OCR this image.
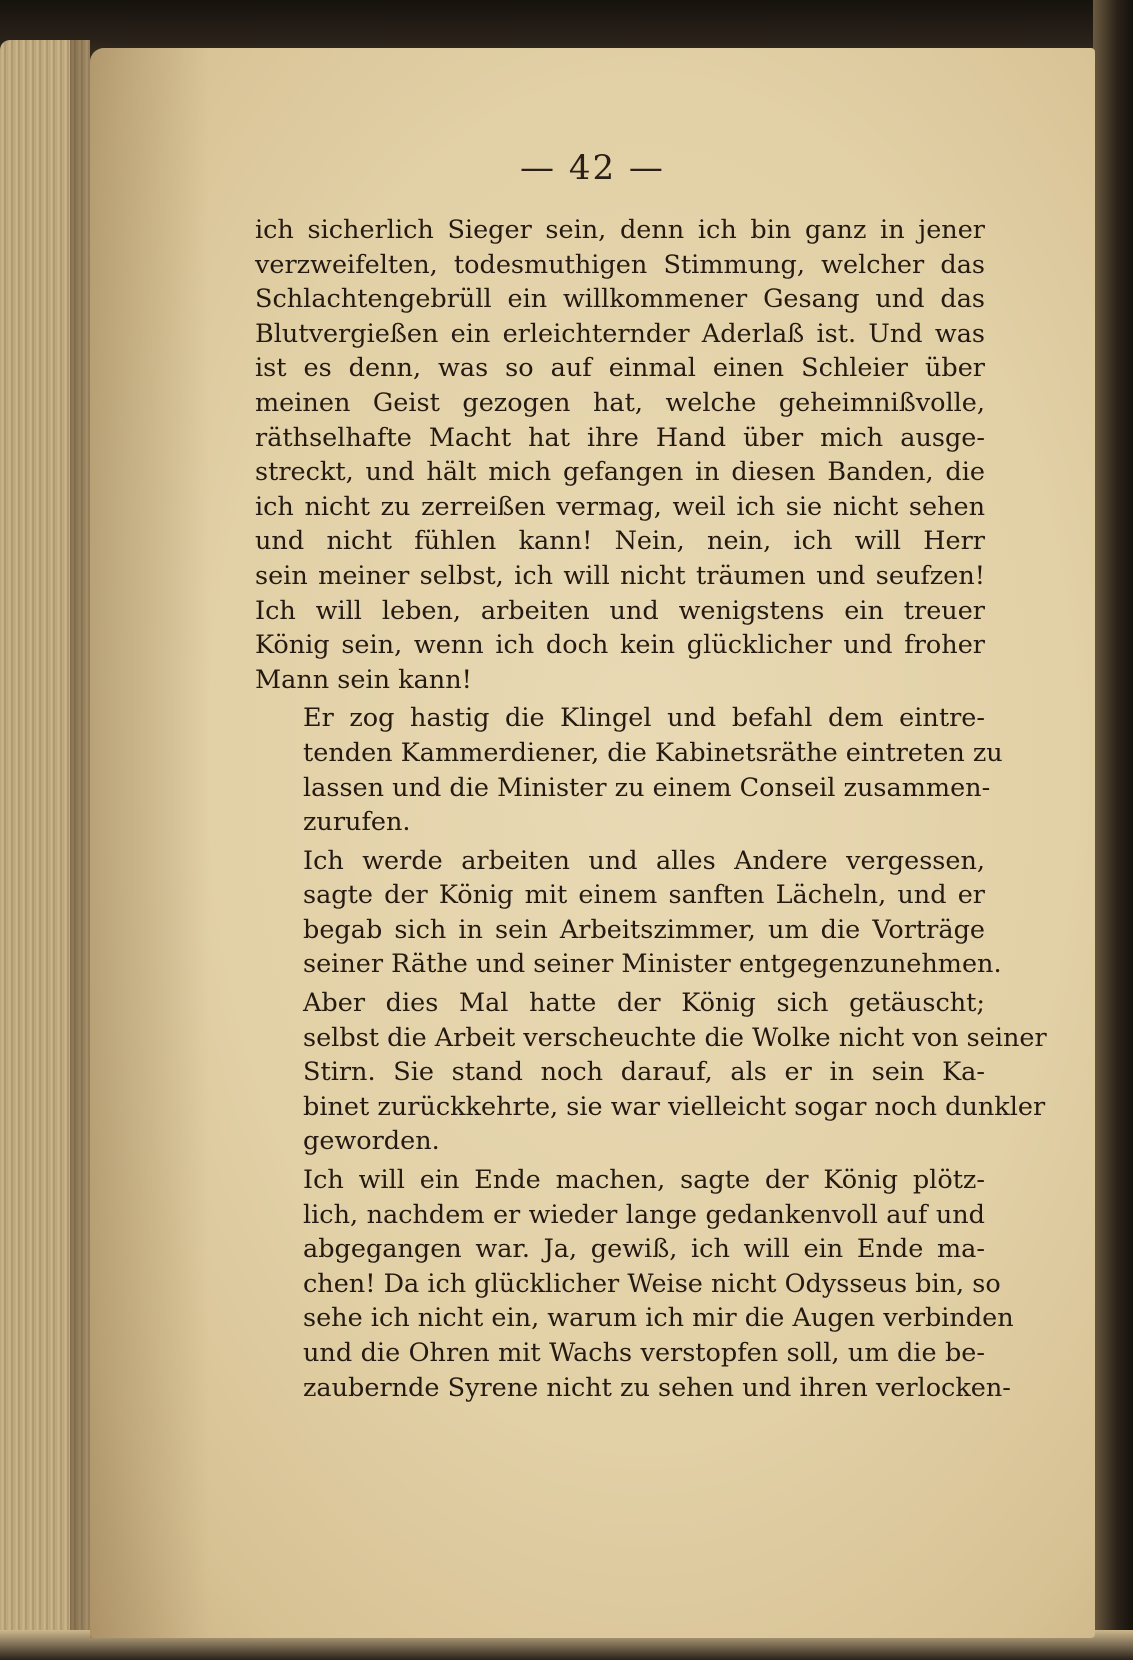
— 42 —

ich sicherlich Sieger sein, denn ich bin ganz in jener
verzweifelten, todesmuthigen Stimmung, welcher das
Schlachtengebrüll ein willkommener Gesang und das
Blutvergießen ein erleichternder Aderlaß ist. Und was
ist es denn, was so auf einmal einen Schleier über
meinen Geist gezogen hat, welche geheimnißvolle,
räthselhafte Macht hat ihre Hand über mich ausge-
streckt, und hält mich gefangen in diesen Banden, die
ich nicht zu zerreißen vermag, weil ich sie nicht sehen
und nicht fühlen kann! Nein, nein, ich will Herr
sein meiner selbst, ich will nicht träumen und seufzen!
Ich will leben, arbeiten und wenigstens ein treuer
König sein, wenn ich doch kein glücklicher und froher
Mann sein kann!

Er zog hastig die Klingel und befahl dem eintre-
tenden Kammerdiener, die Kabinetsräthe eintreten zu
lassen und die Minister zu einem Conseil zusammen-
zurufen.

Ich werde arbeiten und alles Andere vergessen,
sagte der König mit einem sanften Lächeln, und er
begab sich in sein Arbeitszimmer, um die Vorträge
seiner Räthe und seiner Minister entgegenzunehmen.

Aber dies Mal hatte der König sich getäuscht;
selbst die Arbeit verscheuchte die Wolke nicht von seiner
Stirn. Sie stand noch darauf, als er in sein Ka-
binet zurückkehrte, sie war vielleicht sogar noch dunkler
geworden.

Ich will ein Ende machen, sagte der König plötz-
lich, nachdem er wieder lange gedankenvoll auf und
abgegangen war. Ja, gewiß, ich will ein Ende ma-
chen! Da ich glücklicher Weise nicht Odysseus bin, so
sehe ich nicht ein, warum ich mir die Augen verbinden
und die Ohren mit Wachs verstopfen soll, um die be-
zaubernde Syrene nicht zu sehen und ihren verlocken-
